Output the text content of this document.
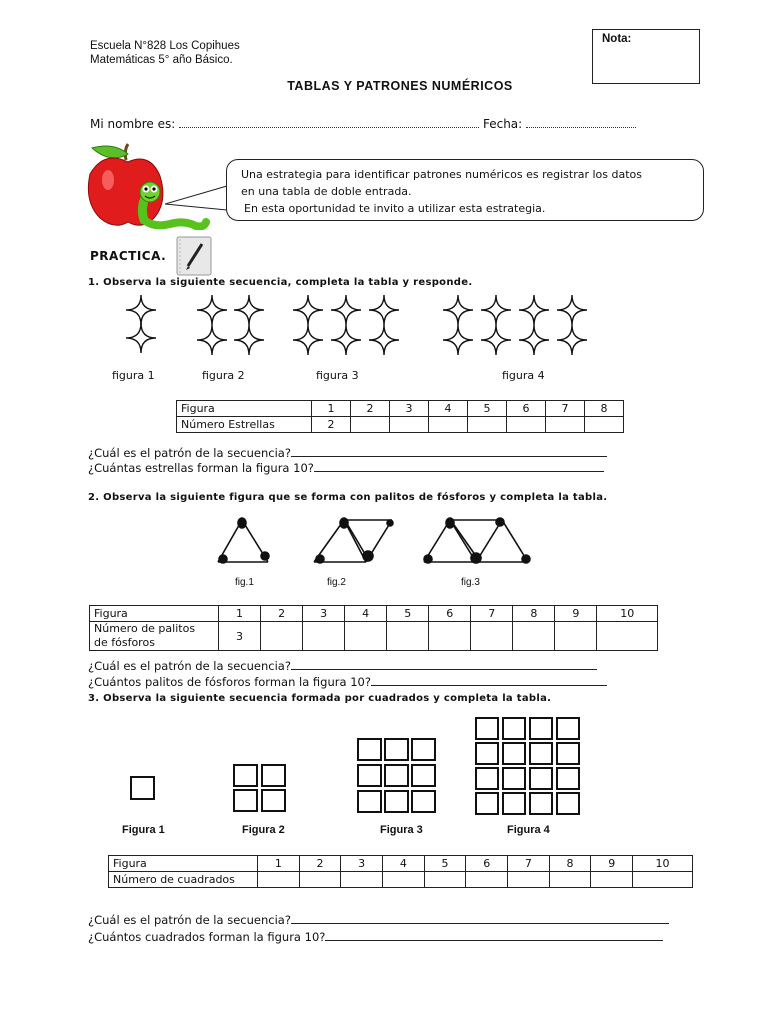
Escuela N°828 Los Copihues
Matemáticas 5° año Básico.
Nota:
TABLAS Y PATRONES NUMÉRICOS
Mi nombre es:	Fecha:

Una estrategia para identificar patrones numéricos es registrar los datos

en una tabla de doble entrada.

En esta oportunidad te invito a utilizar esta estrategia.

PRACTICA.
1. Observa la siguiente secuencia, completa la tabla y responde.
figura 1	figura 2	figura 3	figura 4
Figura	1	2	3	4	5	6	7	8
Número Estrellas	2							
¿Cuál es el patrón de la secuencia?
¿Cuántas estrellas forman la figura 10?
2. Observa la siguiente figura que se forma con palitos de fósforos y completa la tabla.
fig.1	fig.2	fig.3
Figura	1	2	3	4	5	6	7	8	9	10
Número de palitos
de fósforos	3									
¿Cuál es el patrón de la secuencia?
¿Cuántos palitos de fósforos forman la figura 10?
3. Observa la siguiente secuencia formada por cuadrados y completa la tabla.
Figura 1	Figura 2	Figura 3	Figura 4
Figura	1	2	3	4	5	6	7	8	9	10
Número de cuadrados										
¿Cuál es el patrón de la secuencia?
¿Cuántos cuadrados forman la figura 10?
